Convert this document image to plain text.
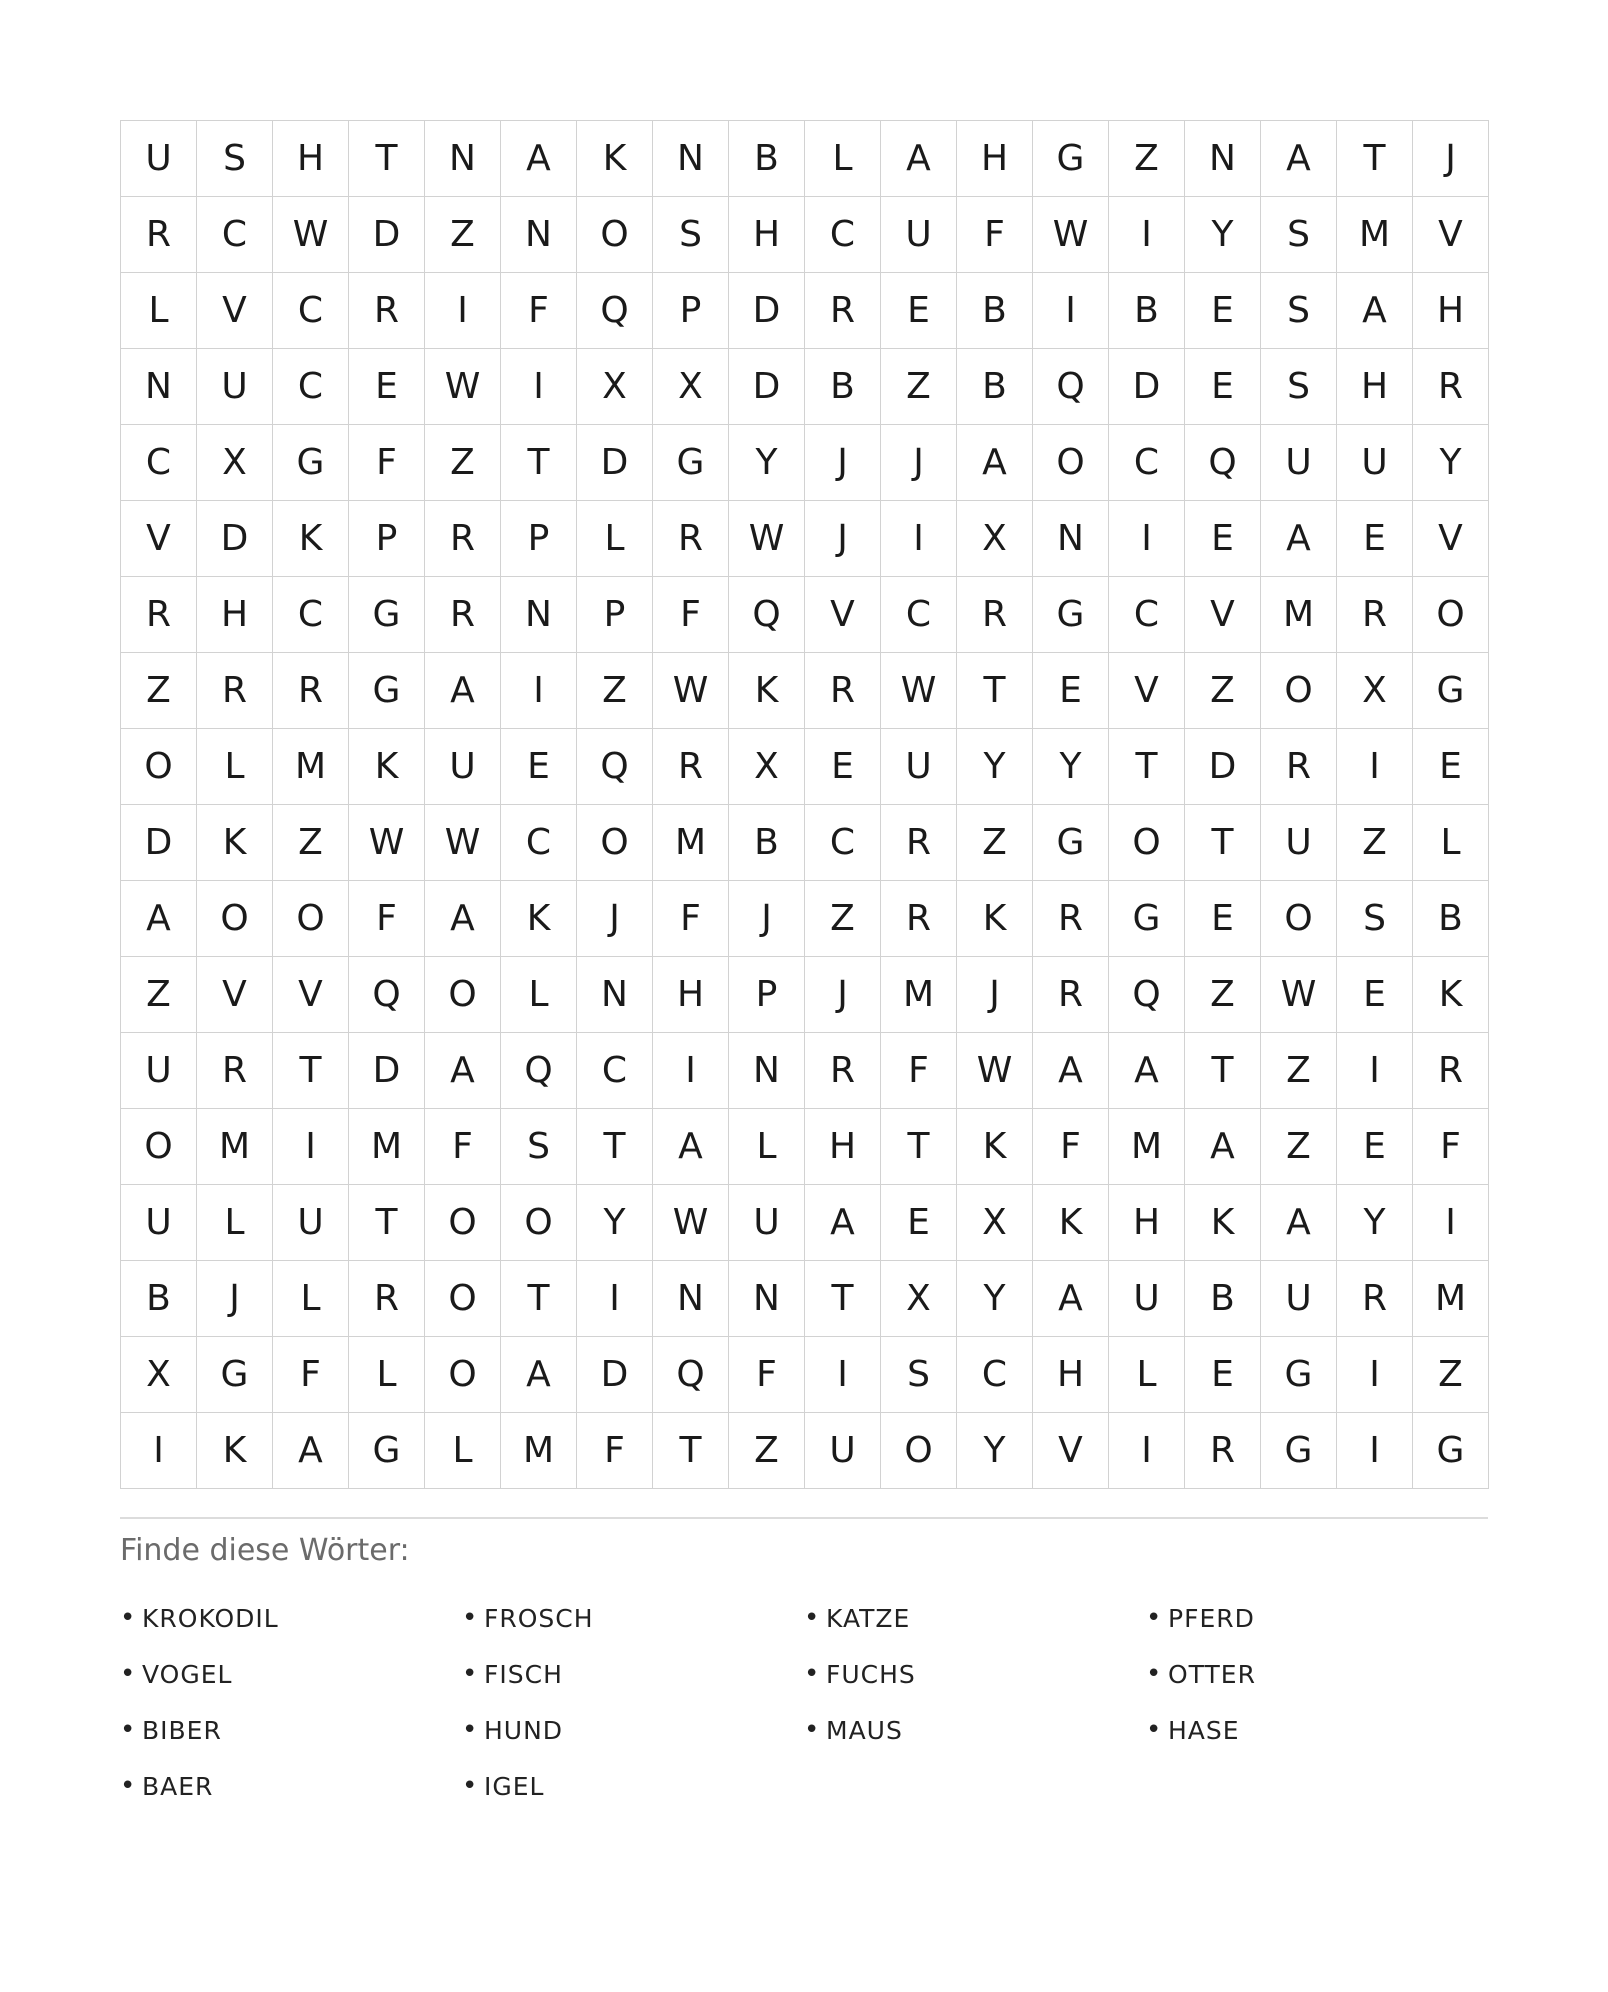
U	S	H	T	N	A	K	N	B	L	A	H	G	Z	N	A	T	J
R	C	W	D	Z	N	O	S	H	C	U	F	W	I	Y	S	M	V
L	V	C	R	I	F	Q	P	D	R	E	B	I	B	E	S	A	H
N	U	C	E	W	I	X	X	D	B	Z	B	Q	D	E	S	H	R
C	X	G	F	Z	T	D	G	Y	J	J	A	O	C	Q	U	U	Y
V	D	K	P	R	P	L	R	W	J	I	X	N	I	E	A	E	V
R	H	C	G	R	N	P	F	Q	V	C	R	G	C	V	M	R	O
Z	R	R	G	A	I	Z	W	K	R	W	T	E	V	Z	O	X	G
O	L	M	K	U	E	Q	R	X	E	U	Y	Y	T	D	R	I	E
D	K	Z	W	W	C	O	M	B	C	R	Z	G	O	T	U	Z	L
A	O	O	F	A	K	J	F	J	Z	R	K	R	G	E	O	S	B
Z	V	V	Q	O	L	N	H	P	J	M	J	R	Q	Z	W	E	K
U	R	T	D	A	Q	C	I	N	R	F	W	A	A	T	Z	I	R
O	M	I	M	F	S	T	A	L	H	T	K	F	M	A	Z	E	F
U	L	U	T	O	O	Y	W	U	A	E	X	K	H	K	A	Y	I
B	J	L	R	O	T	I	N	N	T	X	Y	A	U	B	U	R	M
X	G	F	L	O	A	D	Q	F	I	S	C	H	L	E	G	I	Z
I	K	A	G	L	M	F	T	Z	U	O	Y	V	I	R	G	I	G
Finde diese Wörter:
• KROKODIL	• FROSCH	• KATZE	• PFERD
• VOGEL	• FISCH	• FUCHS	• OTTER
• BIBER	• HUND	• MAUS	• HASE
• BAER	• IGEL
